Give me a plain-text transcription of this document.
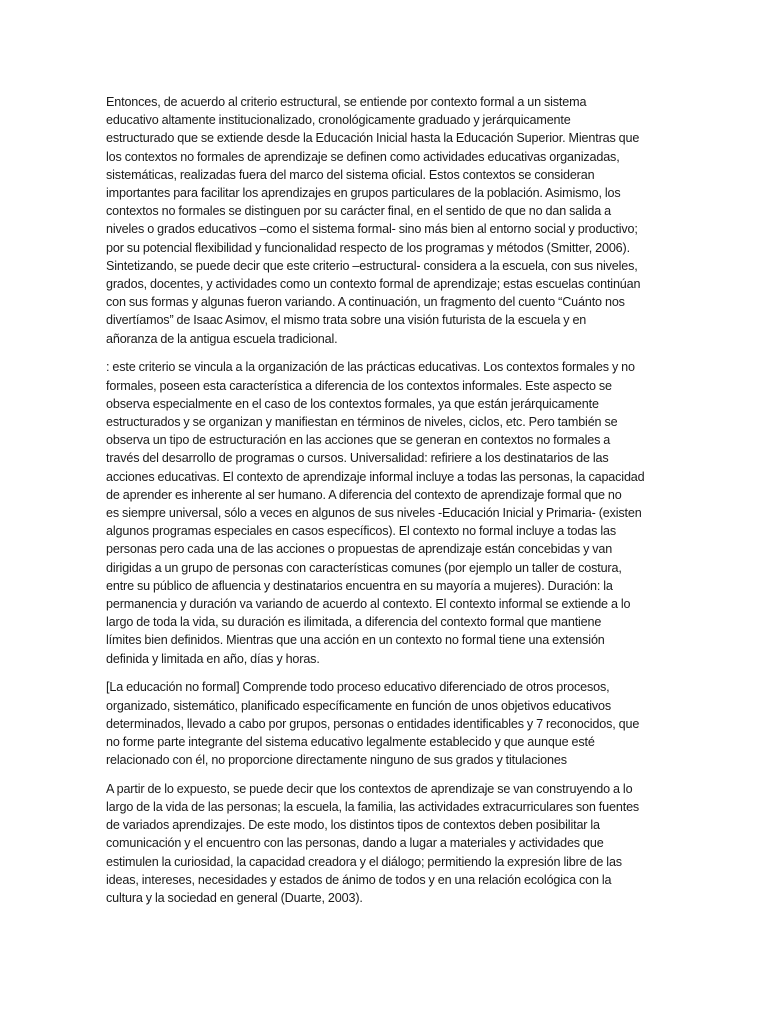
Entonces, de acuerdo al criterio estructural, se entiende por contexto formal a un sistema
educativo altamente institucionalizado, cronológicamente graduado y jerárquicamente
estructurado que se extiende desde la Educación Inicial hasta la Educación Superior. Mientras que
los contextos no formales de aprendizaje se definen como actividades educativas organizadas,
sistemáticas, realizadas fuera del marco del sistema oficial. Estos contextos se consideran
importantes para facilitar los aprendizajes en grupos particulares de la población. Asimismo, los
contextos no formales se distinguen por su carácter final, en el sentido de que no dan salida a
niveles o grados educativos –como el sistema formal- sino más bien al entorno social y productivo;
por su potencial flexibilidad y funcionalidad respecto de los programas y métodos (Smitter, 2006).
Sintetizando, se puede decir que este criterio –estructural- considera a la escuela, con sus niveles,
grados, docentes, y actividades como un contexto formal de aprendizaje; estas escuelas continúan
con sus formas y algunas fueron variando. A continuación, un fragmento del cuento “Cuánto nos
divertíamos” de Isaac Asimov, el mismo trata sobre una visión futurista de la escuela y en
añoranza de la antigua escuela tradicional.

: este criterio se vincula a la organización de las prácticas educativas. Los contextos formales y no
formales, poseen esta característica a diferencia de los contextos informales. Este aspecto se
observa especialmente en el caso de los contextos formales, ya que están jerárquicamente
estructurados y se organizan y manifiestan en términos de niveles, ciclos, etc. Pero también se
observa un tipo de estructuración en las acciones que se generan en contextos no formales a
través del desarrollo de programas o cursos. Universalidad: refiriere a los destinatarios de las
acciones educativas. El contexto de aprendizaje informal incluye a todas las personas, la capacidad
de aprender es inherente al ser humano. A diferencia del contexto de aprendizaje formal que no
es siempre universal, sólo a veces en algunos de sus niveles -Educación Inicial y Primaria- (existen
algunos programas especiales en casos específicos). El contexto no formal incluye a todas las
personas pero cada una de las acciones o propuestas de aprendizaje están concebidas y van
dirigidas a un grupo de personas con características comunes (por ejemplo un taller de costura,
entre su público de afluencia y destinatarios encuentra en su mayoría a mujeres). Duración: la
permanencia y duración va variando de acuerdo al contexto. El contexto informal se extiende a lo
largo de toda la vida, su duración es ilimitada, a diferencia del contexto formal que mantiene
límites bien definidos. Mientras que una acción en un contexto no formal tiene una extensión
definida y limitada en año, días y horas.

[La educación no formal] Comprende todo proceso educativo diferenciado de otros procesos,
organizado, sistemático, planificado específicamente en función de unos objetivos educativos
determinados, llevado a cabo por grupos, personas o entidades identificables y 7 reconocidos, que
no forme parte integrante del sistema educativo legalmente establecido y que aunque esté
relacionado con él, no proporcione directamente ninguno de sus grados y titulaciones

A partir de lo expuesto, se puede decir que los contextos de aprendizaje se van construyendo a lo
largo de la vida de las personas; la escuela, la familia, las actividades extracurriculares son fuentes
de variados aprendizajes. De este modo, los distintos tipos de contextos deben posibilitar la
comunicación y el encuentro con las personas, dando a lugar a materiales y actividades que
estimulen la curiosidad, la capacidad creadora y el diálogo; permitiendo la expresión libre de las
ideas, intereses, necesidades y estados de ánimo de todos y en una relación ecológica con la
cultura y la sociedad en general (Duarte, 2003).
